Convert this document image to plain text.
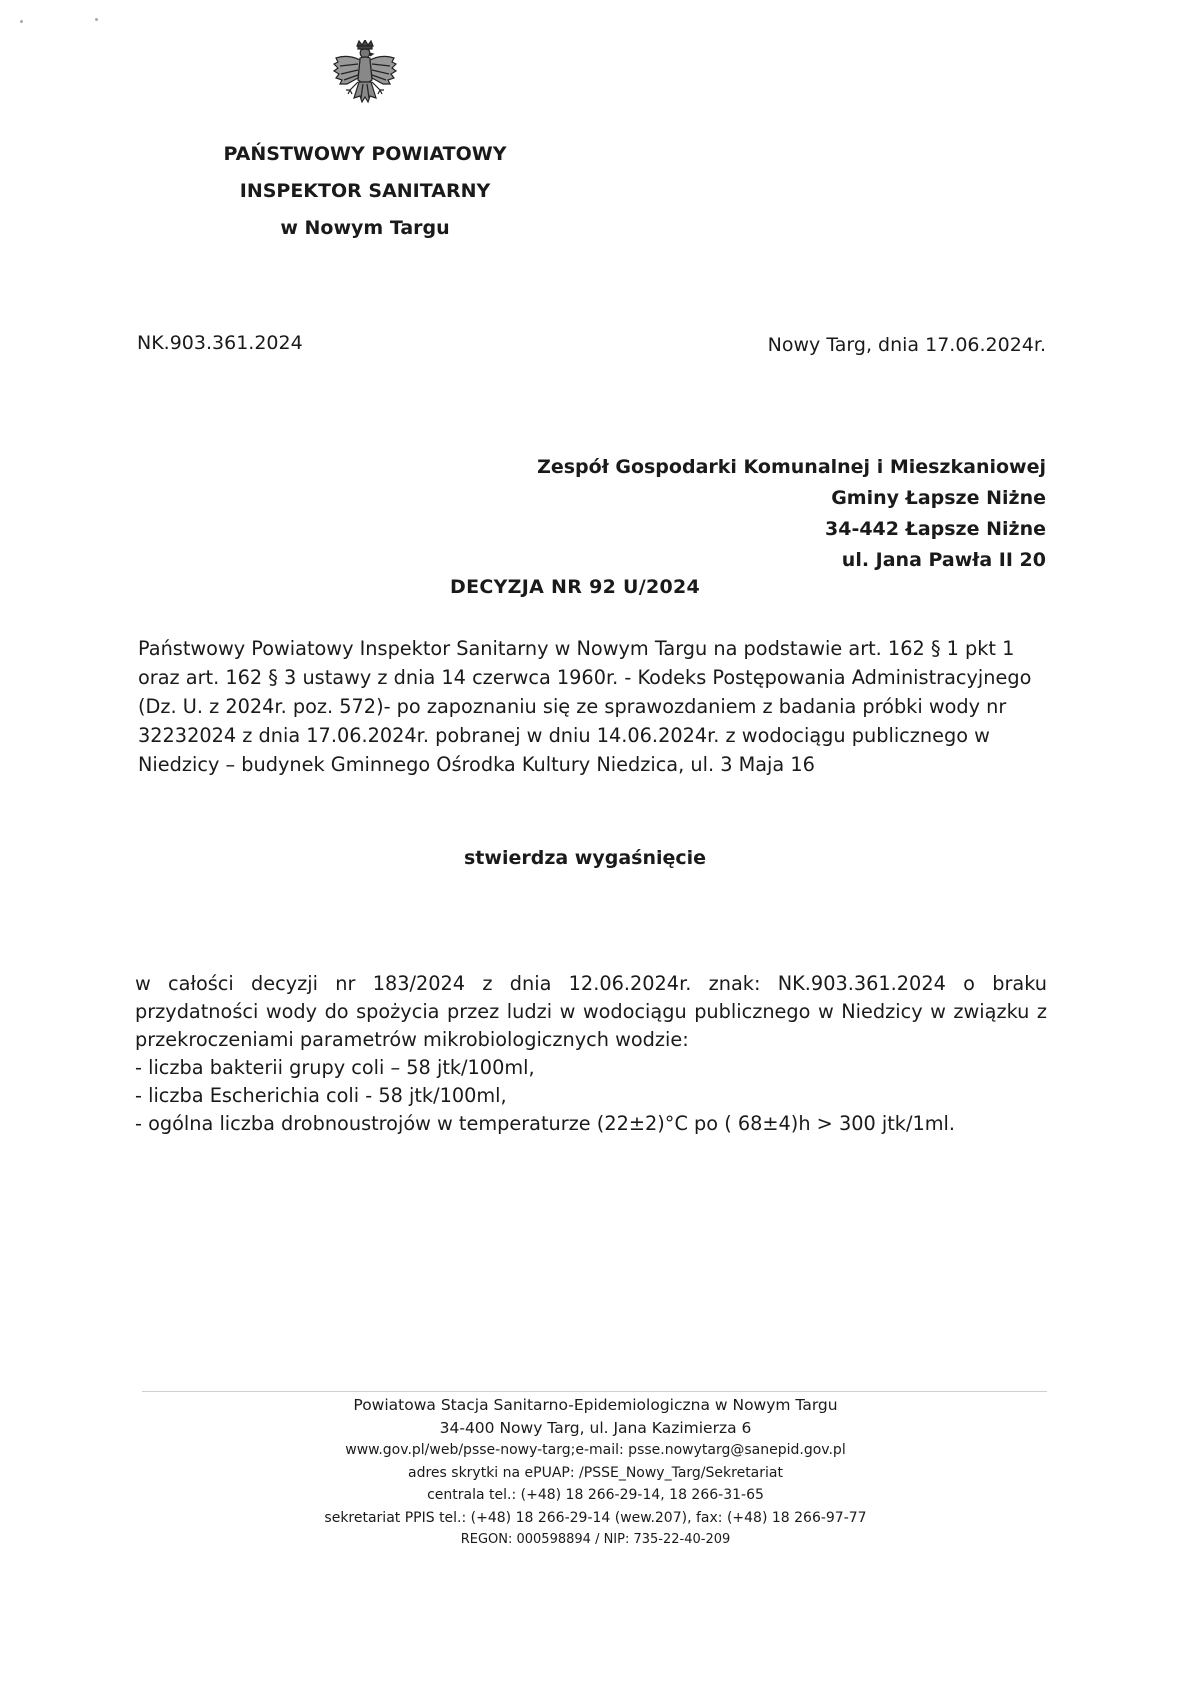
PAŃSTWOWY POWIATOWY
INSPEKTOR SANITARNY
w Nowym Targu
NK.903.361.2024	Nowy Targ, dnia 17.06.2024r.
Zespół Gospodarki Komunalnej i Mieszkaniowej
Gminy Łapsze Niżne
34-442 Łapsze Niżne
ul. Jana Pawła II 20
DECYZJA NR 92 U/2024
Państwowy Powiatowy Inspektor Sanitarny w Nowym Targu na podstawie art. 162 § 1 pkt 1 oraz art. 162 § 3 ustawy z dnia 14 czerwca 1960r. - Kodeks Postępowania Administracyjnego (Dz. U. z 2024r. poz. 572)- po zapoznaniu się ze sprawozdaniem z badania próbki wody nr 32232024 z dnia 17.06.2024r. pobranej w dniu 14.06.2024r. z wodociągu publicznego w Niedzicy – budynek Gminnego Ośrodka Kultury Niedzica, ul. 3 Maja 16
stwierdza wygaśnięcie
w całości decyzji nr 183/2024 z dnia 12.06.2024r. znak: NK.903.361.2024 o braku
przydatności wody do spożycia przez ludzi w wodociągu publicznego w Niedzicy w związku z
przekroczeniami parametrów mikrobiologicznych wodzie:
- liczba bakterii grupy coli – 58 jtk/100ml,
- liczba Escherichia coli - 58 jtk/100ml,
- ogólna liczba drobnoustrojów w temperaturze (22±2)°C po ( 68±4)h > 300 jtk/1ml.
Powiatowa Stacja Sanitarno-Epidemiologiczna w Nowym Targu
34-400 Nowy Targ, ul. Jana Kazimierza 6
www.gov.pl/web/psse-nowy-targ;e-mail: psse.nowytarg@sanepid.gov.pl
adres skrytki na ePUAP: /PSSE_Nowy_Targ/Sekretariat
centrala tel.: (+48) 18 266-29-14, 18 266-31-65
sekretariat PPIS tel.: (+48) 18 266-29-14 (wew.207), fax: (+48) 18 266-97-77
REGON: 000598894 / NIP: 735-22-40-209
